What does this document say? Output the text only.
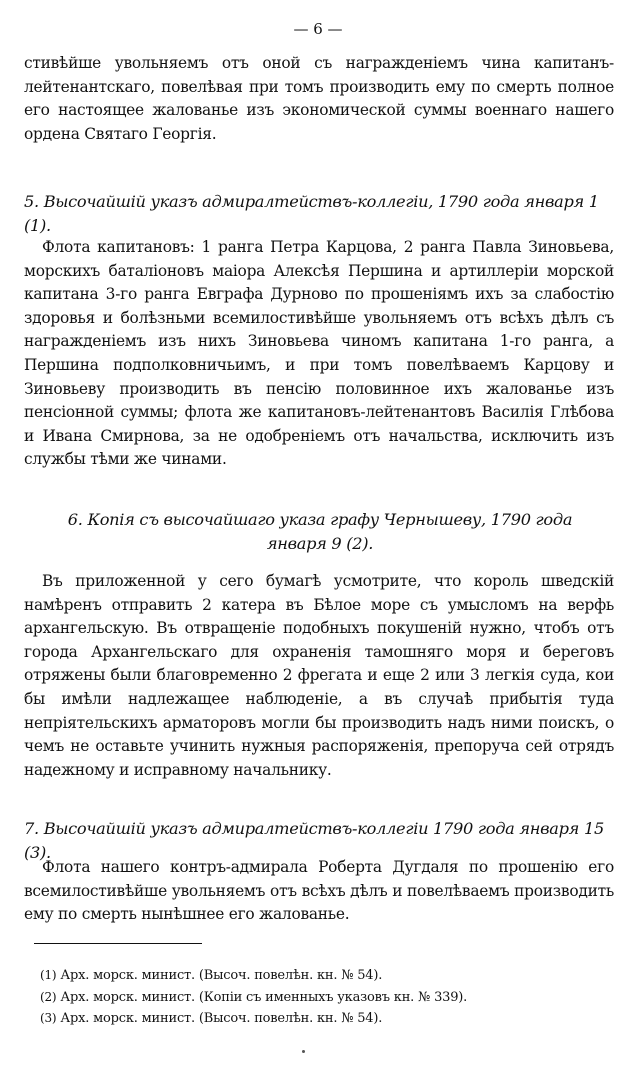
— 6 —

стивѣйше увольняемъ отъ оной съ награжденіемъ чина капитанъ-лейтенантскаго, повелѣвая при томъ производить ему по смерть полное его настоящее жалованье изъ экономической суммы военнаго нашего ордена Святаго Георгія.

5. Высочайшій указъ адмиралтействъ-коллегіи, 1790 года января 1 (1).

Флота капитановъ: 1 ранга Петра Карцова, 2 ранга Павла Зиновьева, морскихъ баталіоновъ маіора Алексѣя Першина и артиллеріи морской капитана 3-го ранга Евграфа Дурново по прошеніямъ ихъ за слабостію здоровья и болѣзньми всемилостивѣйше увольняемъ отъ всѣхъ дѣлъ съ награжденіемъ изъ нихъ Зиновьева чиномъ капитана 1-го ранга, а Першина подполковничьимъ, и при томъ повелѣваемъ Карцову и Зиновьеву производить въ пенсію половинное ихъ жалованье изъ пенсіонной суммы; флота же капитановъ-лейтенантовъ Василія Глѣбова и Ивана Смирнова, за не одобреніемъ отъ начальства, исключить изъ службы тѣми же чинами.

6. Копія съ высочайшаго указа графу Чернышеву, 1790 года января 9 (2).

Въ приложенной у сего бумагѣ усмотрите, что король шведскій намѣренъ отправить 2 катера въ Бѣлое море съ умысломъ на верфь архангельскую. Въ отвращеніе подобныхъ покушеній нужно, чтобъ отъ города Архангельскаго для охраненія тамошняго моря и береговъ отряжены были благовременно 2 фрегата и еще 2 или 3 легкія суда, кои бы имѣли надлежащее наблюденіе, а въ случаѣ прибытія туда непріятельскихъ арматоровъ могли бы производить надъ ними поискъ, о чемъ не оставьте учинить нужныя распоряженія, препоруча сей отрядъ надежному и исправному начальнику.

7. Высочайшій указъ адмиралтействъ-коллегіи 1790 года января 15 (3).

Флота нашего контръ-адмирала Роберта Дугдаля по прошенію его всемилостивѣйше увольняемъ отъ всѣхъ дѣлъ и повелѣваемъ производить ему по смерть нынѣшнее его жалованье.

(1) Арх. морск. минист. (Высоч. повелѣн. кн. № 54).
(2) Арх. морск. минист. (Копіи съ именныхъ указовъ кн. № 339).
(3) Арх. морск. минист. (Высоч. повелѣн. кн. № 54).
